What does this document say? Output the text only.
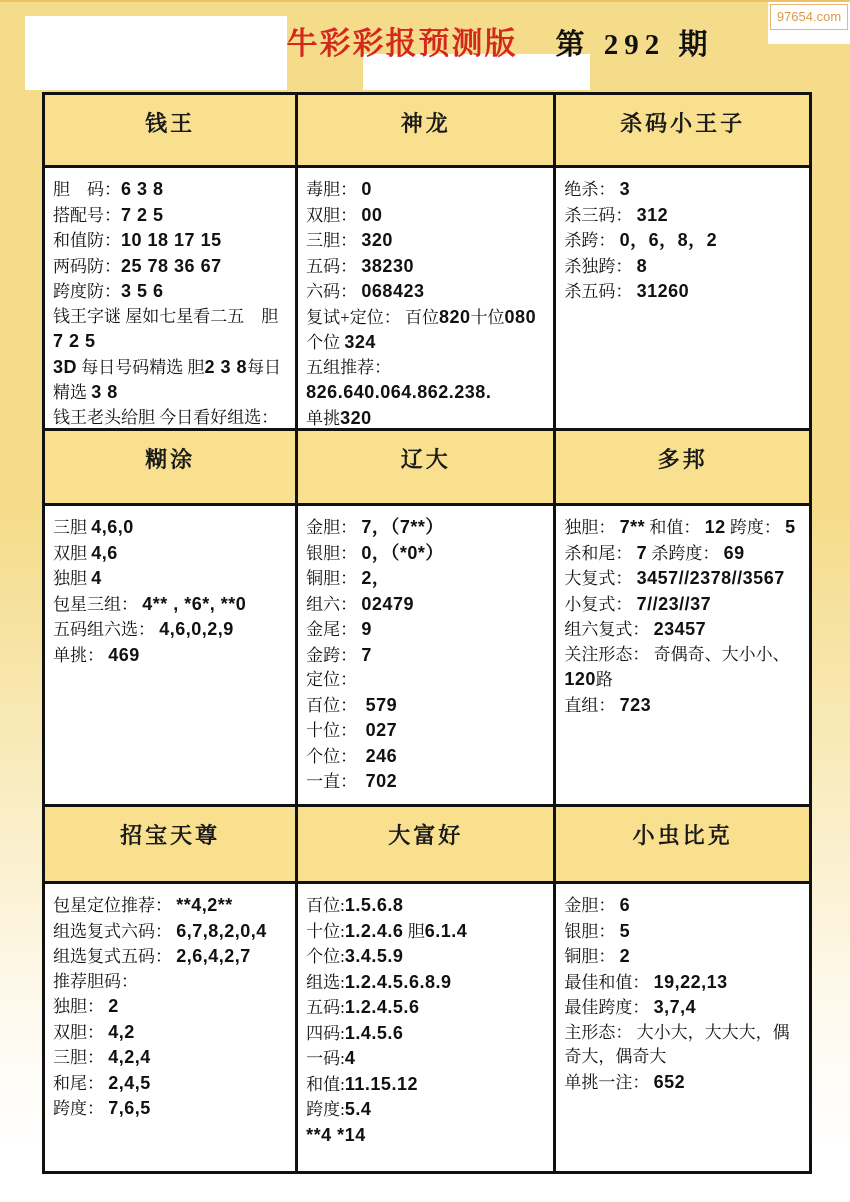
97654.com
牛彩彩报预测版 第 292 期
钱王	神龙	杀码小王子
胆　码：6 3 8
搭配号：7 2 5
和值防：10 18 17 15
两码防：25 78 36 67
跨度防：3 5 6
钱王字谜 屋如七星看二五　胆7 2 5
3D 每日号码精选 胆2 3 8每日精选 3 8
钱王老头给胆 今日看好组选：
毒胆： 0
双胆： 00
三胆： 320
五码： 38230
六码： 068423
复试+定位： 百位820十位080个位 324
五组推荐：826.640.064.862.238.
单挑320
绝杀： 3
杀三码： 312
杀跨： 0，6，8，2
杀独跨： 8
杀五码： 31260
糊涂	辽大	多邦
三胆 4,6,0
双胆 4,6
独胆 4
包星三组： 4** , *6*, **0
五码组六选： 4,6,0,2,9
单挑： 469
金胆： 7，（7**）
银胆： 0，（*0*）
铜胆： 2，
组六： 02479
金尾： 9
金跨： 7
定位：
百位：　579
十位：　027
个位：　246
一直：　702
独胆： 7** 和值： 12 跨度： 5 杀和尾： 7 杀跨度： 69
大复式： 3457//2378//3567
小复式： 7//23//37
组六复式： 23457
关注形态： 奇偶奇、大小小、120路
直组： 723
招宝天尊	大富好	小虫比克
包星定位推荐： **4,2**
组选复式六码： 6,7,8,2,0,4
组选复式五码： 2,6,4,2,7
推荐胆码：
独胆： 2
双胆： 4,2
三胆： 4,2,4
和尾： 2,4,5
跨度： 7,6,5
百位:1.5.6.8
十位:1.2.4.6 胆6.1.4
个位:3.4.5.9
组选:1.2.4.5.6.8.9
五码:1.2.4.5.6
四码:1.4.5.6
一码:4
和值:11.15.12
跨度:5.4
**4 *14
金胆： 6
银胆： 5
铜胆： 2
最佳和值： 19,22,13
最佳跨度： 3,7,4
主形态： 大小大，大大大，偶奇大，偶奇大
单挑一注： 652
